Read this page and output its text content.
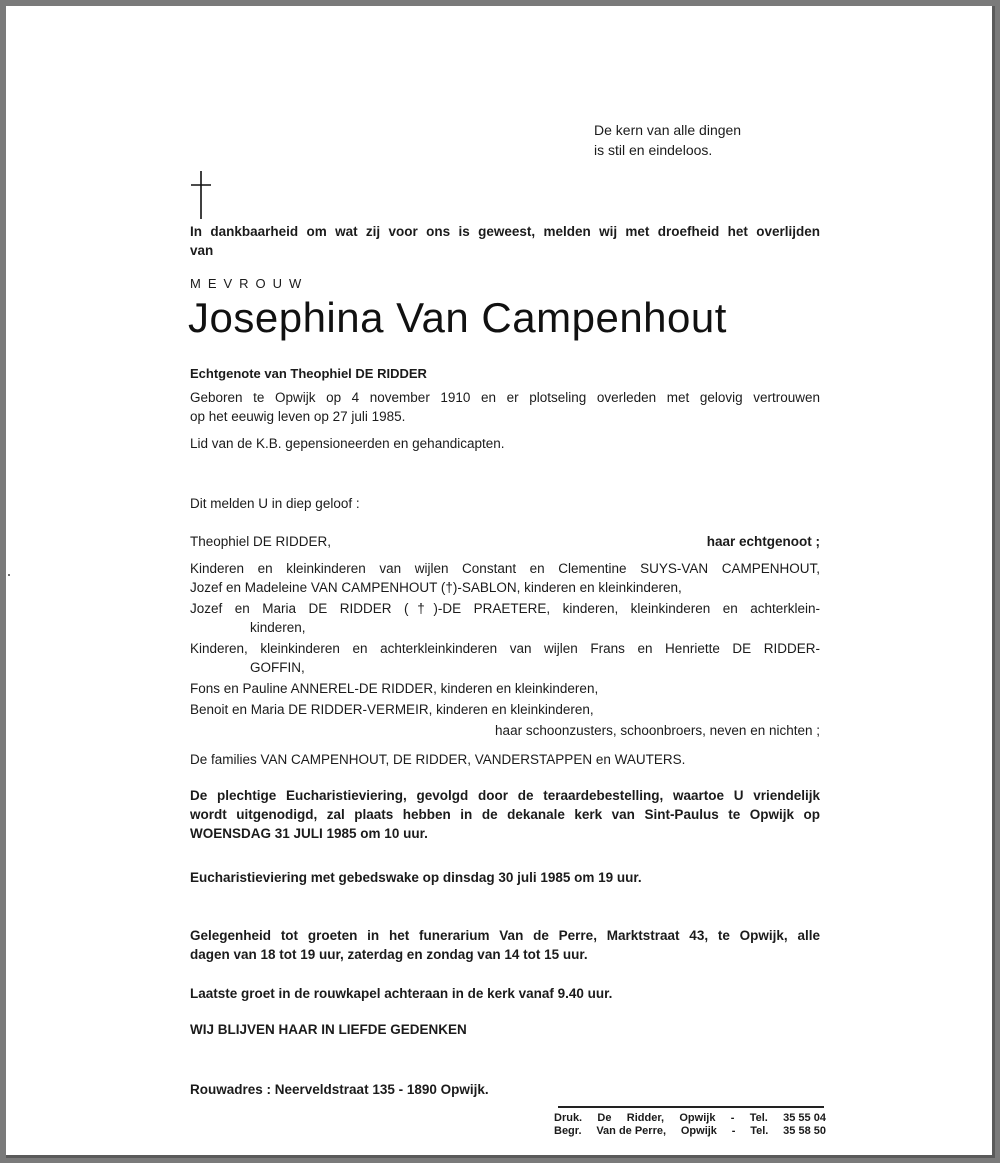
De kern van alle dingen
is stil en eindeloos.
In dankbaarheid om wat zij voor ons is geweest, melden wij met droefheid het overlijden
van
MEVROUW
Josephina Van Campenhout
Echtgenote van Theophiel DE RIDDER
Geboren te Opwijk op 4 november 1910 en er plotseling overleden met gelovig vertrouwen
op het eeuwig leven op 27 juli 1985.
Lid van de K.B. gepensioneerden en gehandicapten.
Dit melden U in diep geloof :
Theophiel DE RIDDER,	haar echtgenoot ;
Kinderen en kleinkinderen van wijlen Constant en Clementine SUYS-VAN CAMPENHOUT,
Jozef en Madeleine VAN CAMPENHOUT (†)-SABLON, kinderen en kleinkinderen,
Jozef en Maria DE RIDDER (†)-DE PRAETERE, kinderen, kleinkinderen en achterklein-
kinderen,
Kinderen, kleinkinderen en achterkleinkinderen van wijlen Frans en Henriette DE RIDDER-
GOFFIN,
Fons en Pauline ANNEREL-DE RIDDER, kinderen en kleinkinderen,
Benoit en Maria DE RIDDER-VERMEIR, kinderen en kleinkinderen,
haar schoonzusters, schoonbroers, neven en nichten ;
De families VAN CAMPENHOUT, DE RIDDER, VANDERSTAPPEN en WAUTERS.
De plechtige Eucharistieviering, gevolgd door de teraardebestelling, waartoe U vriendelijk
wordt uitgenodigd, zal plaats hebben in de dekanale kerk van Sint-Paulus te Opwijk op
WOENSDAG 31 JULI 1985 om 10 uur.
Eucharistieviering met gebedswake op dinsdag 30 juli 1985 om 19 uur.
Gelegenheid tot groeten in het funerarium Van de Perre, Marktstraat 43, te Opwijk, alle
dagen van 18 tot 19 uur, zaterdag en zondag van 14 tot 15 uur.
Laatste groet in de rouwkapel achteraan in de kerk vanaf 9.40 uur.
WIJ BLIJVEN HAAR IN LIEFDE GEDENKEN
Rouwadres : Neerveldstraat 135 - 1890 Opwijk.
Druk. De Ridder, Opwijk - Tel. 35 55 04
Begr. Van de Perre, Opwijk - Tel. 35 58 50
